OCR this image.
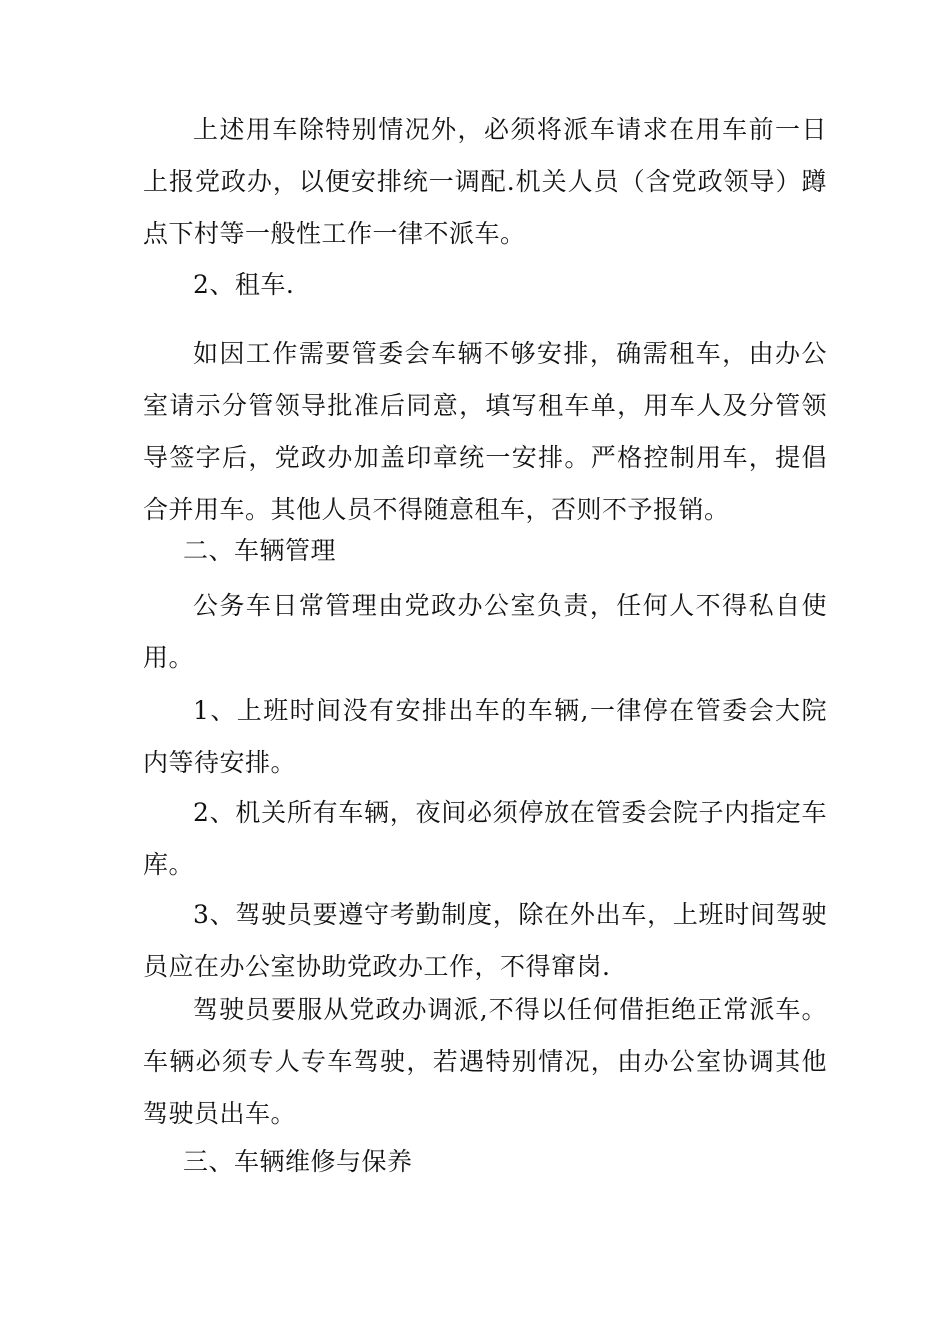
上述用车除特别情况外，必须将派车请求在用车前一日上报党政办，以便安排统一调配.机关人员（含党政领导）蹲点下村等一般性工作一律不派车。

2、租车.

如因工作需要管委会车辆不够安排，确需租车，由办公室请示分管领导批准后同意，填写租车单，用车人及分管领导签字后，党政办加盖印章统一安排。严格控制用车，提倡合并用车。其他人员不得随意租车，否则不予报销。

二、车辆管理

公务车日常管理由党政办公室负责，任何人不得私自使用。

1、上班时间没有安排出车的车辆,一律停在管委会大院内等待安排。

2、机关所有车辆，夜间必须停放在管委会院子内指定车库。

3、驾驶员要遵守考勤制度，除在外出车，上班时间驾驶员应在办公室协助党政办工作，不得窜岗.

驾驶员要服从党政办调派,不得以任何借拒绝正常派车。车辆必须专人专车驾驶，若遇特别情况，由办公室协调其他驾驶员出车。

三、车辆维修与保养
